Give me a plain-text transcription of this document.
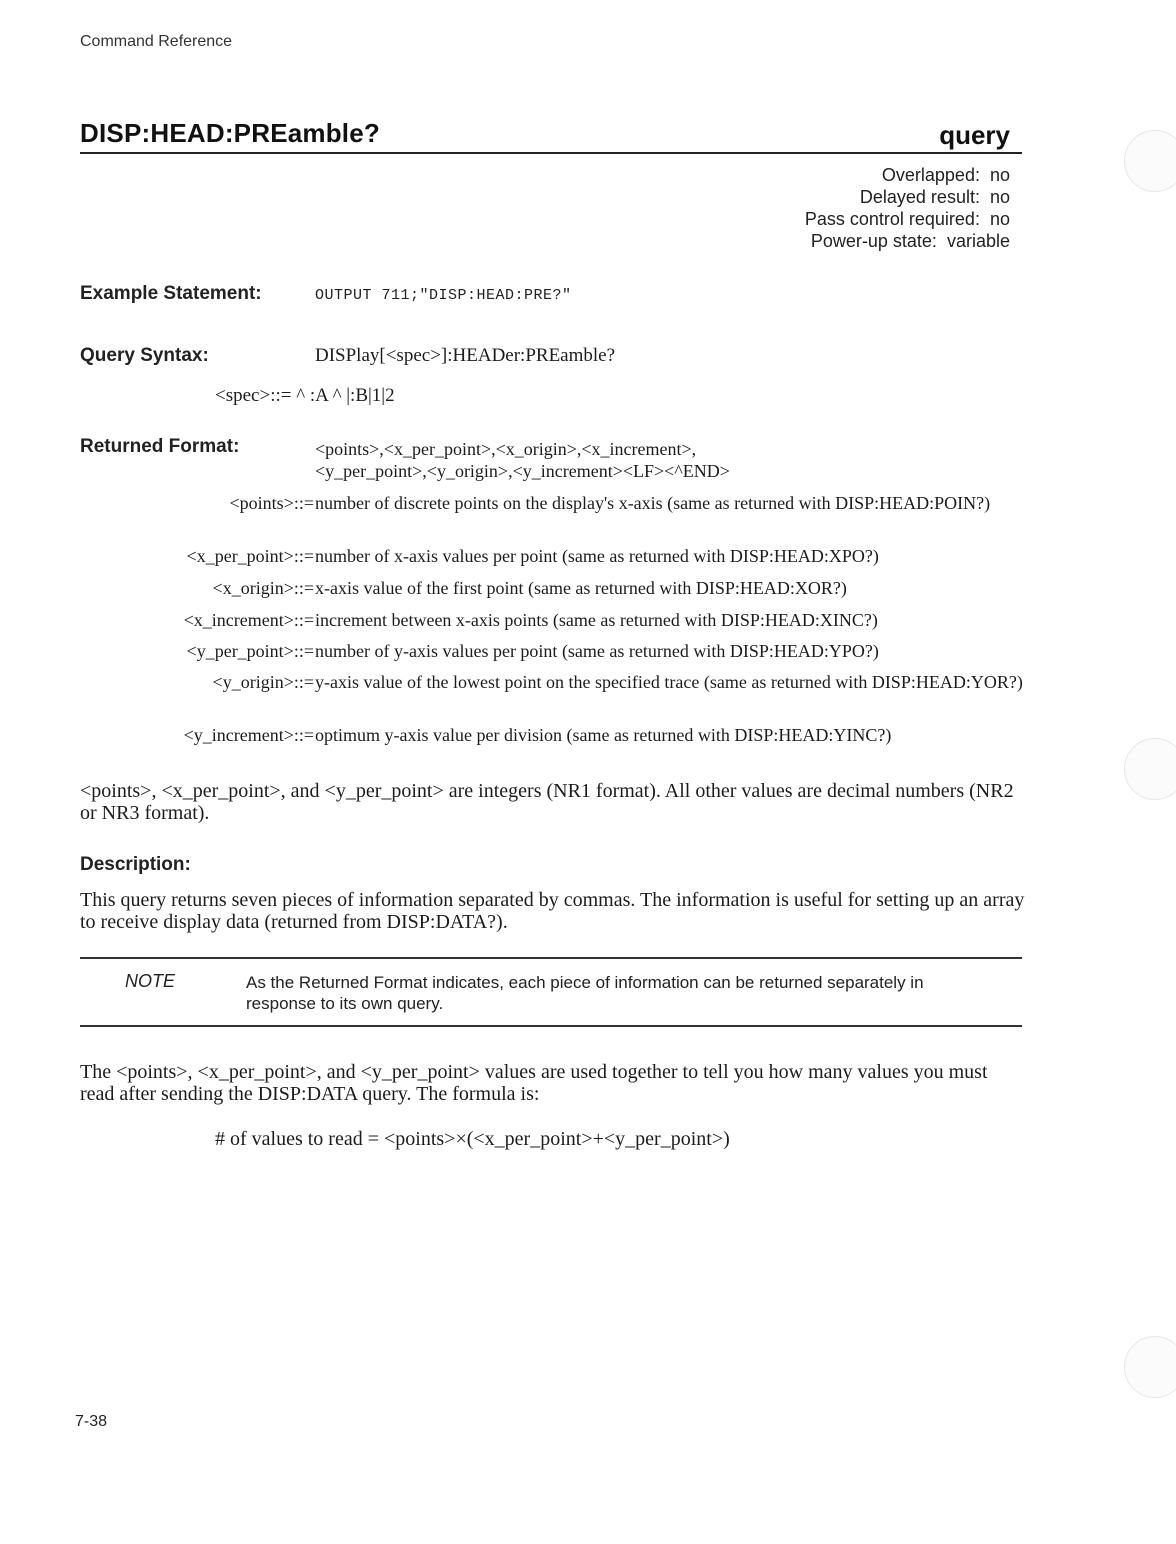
Command Reference
DISP:HEAD:PREamble?	query
Overlapped: no
Delayed result: no
Pass control required: no
Power-up state: variable
Example Statement:	OUTPUT 711;"DISP:HEAD:PRE?"
Query Syntax:	DISPlay[<spec>]:HEADer:PREamble?
<spec>::= ^ :A ^ |:B|1|2
Returned Format:	<points>,<x_per_point>,<x_origin>,<x_increment>,
<y_per_point>,<y_origin>,<y_increment><LF><^END>
<points>::= number of discrete points on the display's x-axis (same as returned with DISP:HEAD:POIN?)
<x_per_point>::= number of x-axis values per point (same as returned with DISP:HEAD:XPO?)
<x_origin>::= x-axis value of the first point (same as returned with DISP:HEAD:XOR?)
<x_increment>::= increment between x-axis points (same as returned with DISP:HEAD:XINC?)
<y_per_point>::= number of y-axis values per point (same as returned with DISP:HEAD:YPO?)
<y_origin>::= y-axis value of the lowest point on the specified trace (same as returned with DISP:HEAD:YOR?)
<y_increment>::= optimum y-axis value per division (same as returned with DISP:HEAD:YINC?)
<points>, <x_per_point>, and <y_per_point> are integers (NR1 format). All other values are decimal numbers (NR2 or NR3 format).
Description:
This query returns seven pieces of information separated by commas. The information is useful for setting up an array to receive display data (returned from DISP:DATA?).
NOTE	As the Returned Format indicates, each piece of information can be returned separately in response to its own query.
The <points>, <x_per_point>, and <y_per_point> values are used together to tell you how many values you must read after sending the DISP:DATA query. The formula is:
# of values to read = <points>×(<x_per_point>+<y_per_point>)
7-38
